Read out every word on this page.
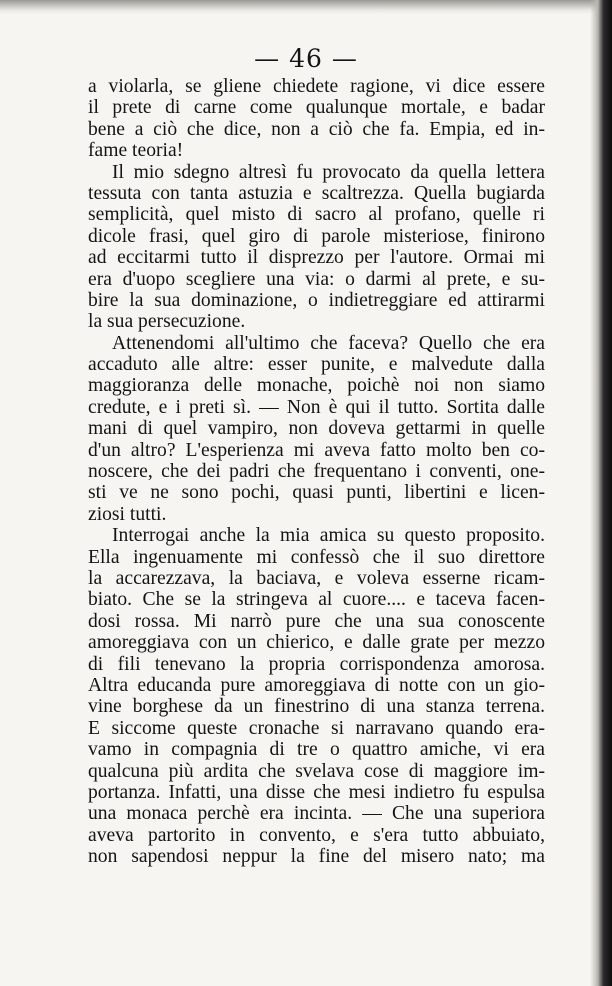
— 46 —
a violarla, se gliene chiedete ragione, vi dice essere
il prete di carne come qualunque mortale, e badar
bene a ciò che dice, non a ciò che fa. Empia, ed in-
fame teoria!
Il mio sdegno altresì fu provocato da quella lettera
tessuta con tanta astuzia e scaltrezza. Quella bugiarda
semplicità, quel misto di sacro al profano, quelle ri
dicole frasi, quel giro di parole misteriose, finirono
ad eccitarmi tutto il disprezzo per l'autore. Ormai mi
era d'uopo scegliere una via: o darmi al prete, e su-
bire la sua dominazione, o indietreggiare ed attirarmi
la sua persecuzione.
Attenendomi all'ultimo che faceva? Quello che era
accaduto alle altre: esser punite, e malvedute dalla
maggioranza delle monache, poichè noi non siamo
credute, e i preti sì. — Non è qui il tutto. Sortita dalle
mani di quel vampiro, non doveva gettarmi in quelle
d'un altro? L'esperienza mi aveva fatto molto ben co-
noscere, che dei padri che frequentano i conventi, one-
sti ve ne sono pochi, quasi punti, libertini e licen-
ziosi tutti.
Interrogai anche la mia amica su questo proposito.
Ella ingenuamente mi confessò che il suo direttore
la accarezzava, la baciava, e voleva esserne ricam-
biato. Che se la stringeva al cuore.... e taceva facen-
dosi rossa. Mi narrò pure che una sua conoscente
amoreggiava con un chierico, e dalle grate per mezzo
di fili tenevano la propria corrispondenza amorosa.
Altra educanda pure amoreggiava di notte con un gio-
vine borghese da un finestrino di una stanza terrena.
E siccome queste cronache si narravano quando era-
vamo in compagnia di tre o quattro amiche, vi era
qualcuna più ardita che svelava cose di maggiore im-
portanza. Infatti, una disse che mesi indietro fu espulsa
una monaca perchè era incinta. — Che una superiora
aveva partorito in convento, e s'era tutto abbuiato,
non sapendosi neppur la fine del misero nato; ma
